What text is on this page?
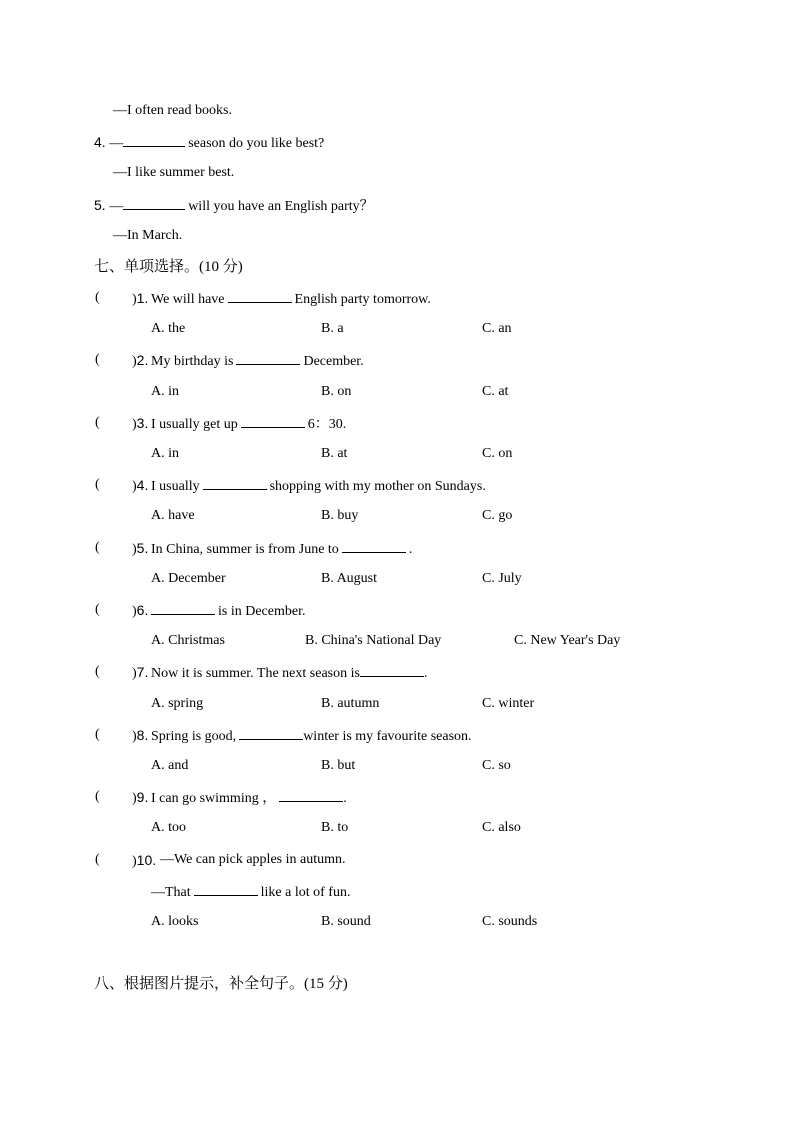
—I often read books.
4. —	season do you like best?
—I like summer best.
5. —	will you have an English party？
—In March.
七、单项选择。(10 分)
( )1. We will have	English party tomorrow.
A. the	B. a	C. an
( )2. My birthday is	December.
A. in	B. on	C. at
( )3. I usually get up	6：30.
A. in	B. at	C. on
( )4. I usually	shopping with my mother on Sundays.
A. have	B. buy	C. go
( )5. In China, summer is from June to	.
A. December	B. August	C. July
( )6.	is in December.
A. Christmas	B. China's National Day	C. New Year's Day
( )7. Now it is summer. The next season is	.
A. spring	B. autumn	C. winter
( )8. Spring is good,	winter is my favourite season.
A. and	B. but	C. so
( )9. I can go swimming ，	.
A. too	B. to	C. also
( )10. —We can pick apples in autumn.
—That	like a lot of fun.
A. looks	B. sound	C. sounds
八、根据图片提示，补全句子。(15 分)
